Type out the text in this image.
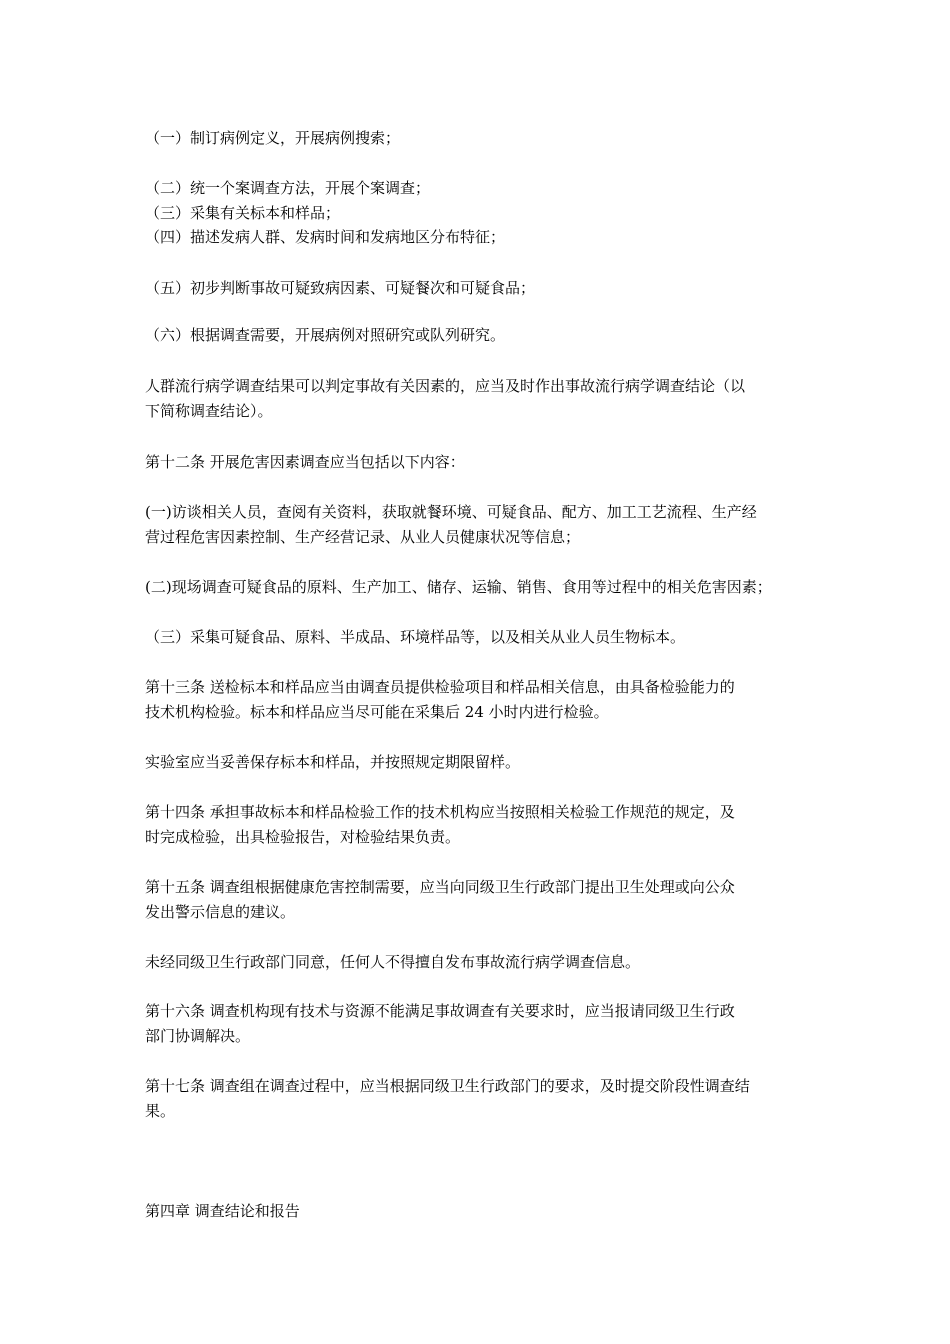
（一）制订病例定义，开展病例搜索；
（二）统一个案调查方法，开展个案调查；
（三）采集有关标本和样品；
（四）描述发病人群、发病时间和发病地区分布特征；
（五）初步判断事故可疑致病因素、可疑餐次和可疑食品；
（六）根据调查需要，开展病例对照研究或队列研究。
人群流行病学调查结果可以判定事故有关因素的，应当及时作出事故流行病学调查结论（以
下简称调查结论）。
第十二条 开展危害因素调查应当包括以下内容：
(一)访谈相关人员，查阅有关资料，获取就餐环境、可疑食品、配方、加工工艺流程、生产经
营过程危害因素控制、生产经营记录、从业人员健康状况等信息；
(二)现场调查可疑食品的原料、生产加工、储存、运输、销售、食用等过程中的相关危害因素；
（三）采集可疑食品、原料、半成品、环境样品等，以及相关从业人员生物标本。
第十三条 送检标本和样品应当由调查员提供检验项目和样品相关信息，由具备检验能力的
技术机构检验。标本和样品应当尽可能在采集后 24 小时内进行检验。
实验室应当妥善保存标本和样品，并按照规定期限留样。
第十四条 承担事故标本和样品检验工作的技术机构应当按照相关检验工作规范的规定，及
时完成检验，出具检验报告，对检验结果负责。
第十五条 调查组根据健康危害控制需要，应当向同级卫生行政部门提出卫生处理或向公众
发出警示信息的建议。
未经同级卫生行政部门同意，任何人不得擅自发布事故流行病学调查信息。
第十六条 调查机构现有技术与资源不能满足事故调查有关要求时，应当报请同级卫生行政
部门协调解决。
第十七条 调查组在调查过程中，应当根据同级卫生行政部门的要求，及时提交阶段性调查结
果。
第四章 调查结论和报告
